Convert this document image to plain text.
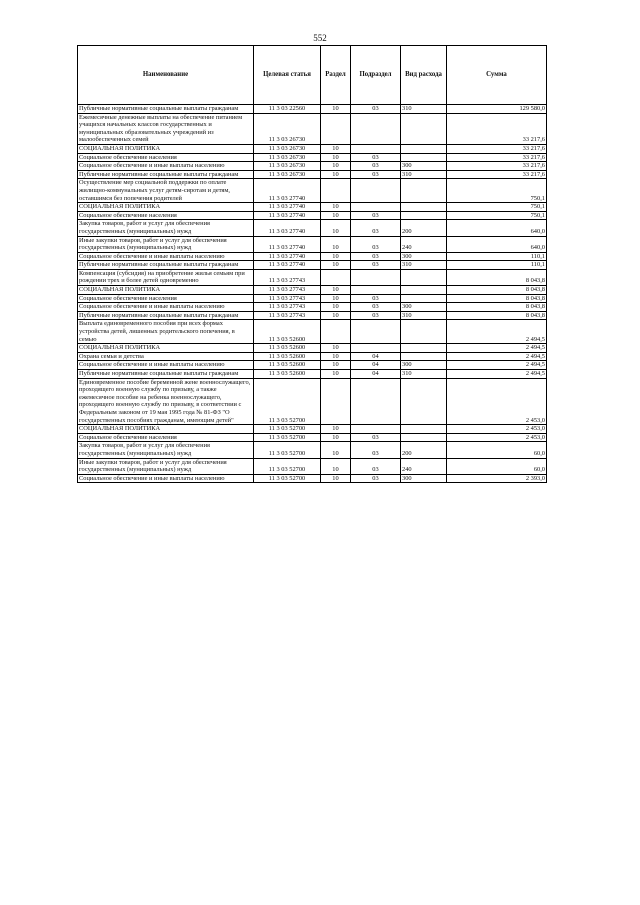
552
Наименование	Целевая статья	Раздел	Подраздел	Вид расхода	Сумма
Публичные нормативные социальные выплаты гражданам	11 3 03 22560	10	03	310	129 580,0
Ежемесячные денежные выплаты на обеспечение питанием учащихся начальных классов государственных и муниципальных образовательных учреждений из малообеспеченных семей	11 3 03 26730				33 217,6
СОЦИАЛЬНАЯ ПОЛИТИКА	11 3 03 26730	10			33 217,6
Социальное обеспечение населения	11 3 03 26730	10	03		33 217,6
Социальное обеспечение и иные выплаты населению	11 3 03 26730	10	03	300	33 217,6
Публичные нормативные социальные выплаты гражданам	11 3 03 26730	10	03	310	33 217,6
Осуществление мер социальной поддержки по оплате жилищно-коммунальных услуг детям-сиротам и детям, оставшимся без попечения родителей	11 3 03 27740				750,1
СОЦИАЛЬНАЯ ПОЛИТИКА	11 3 03 27740	10			750,1
Социальное обеспечение населения	11 3 03 27740	10	03		750,1
Закупка товаров, работ и услуг для обеспечения государственных (муниципальных) нужд	11 3 03 27740	10	03	200	640,0
Иные закупки товаров, работ и услуг для обеспечения государственных (муниципальных) нужд	11 3 03 27740	10	03	240	640,0
Социальное обеспечение и иные выплаты населению	11 3 03 27740	10	03	300	110,1
Публичные нормативные социальные выплаты гражданам	11 3 03 27740	10	03	310	110,1
Компенсация (субсидия) на приобретение жилья семьям при рождении трех и более детей одновременно	11 3 03 27743				8 043,8
СОЦИАЛЬНАЯ ПОЛИТИКА	11 3 03 27743	10			8 043,8
Социальное обеспечение населения	11 3 03 27743	10	03		8 043,8
Социальное обеспечение и иные выплаты населению	11 3 03 27743	10	03	300	8 043,8
Публичные нормативные социальные выплаты гражданам	11 3 03 27743	10	03	310	8 043,8
Выплата единовременного пособия при всех формах устройства детей, лишенных родительского попечения, в семью	11 3 03 52600				2 494,5
СОЦИАЛЬНАЯ ПОЛИТИКА	11 3 03 52600	10			2 494,5
Охрана семьи и детства	11 3 03 52600	10	04		2 494,5
Социальное обеспечение и иные выплаты населению	11 3 03 52600	10	04	300	2 494,5
Публичные нормативные социальные выплаты гражданам	11 3 03 52600	10	04	310	2 494,5
Единовременное пособие беременной жене военнослужащего, проходящего военную службу по призыву, а также ежемесячное пособие на ребенка военнослужащего, проходящего военную службу по призыву, в соответствии с Федеральным законом от 19 мая 1995 года № 81-ФЗ "О государственных пособиях гражданам, имеющим детей"	11 3 03 52700				2 453,0
СОЦИАЛЬНАЯ ПОЛИТИКА	11 3 03 52700	10			2 453,0
Социальное обеспечение населения	11 3 03 52700	10	03		2 453,0
Закупка товаров, работ и услуг для обеспечения государственных (муниципальных) нужд	11 3 03 52700	10	03	200	60,0
Иные закупки товаров, работ и услуг для обеспечения государственных (муниципальных) нужд	11 3 03 52700	10	03	240	60,0
Социальное обеспечение и иные выплаты населению	11 3 03 52700	10	03	300	2 393,0
